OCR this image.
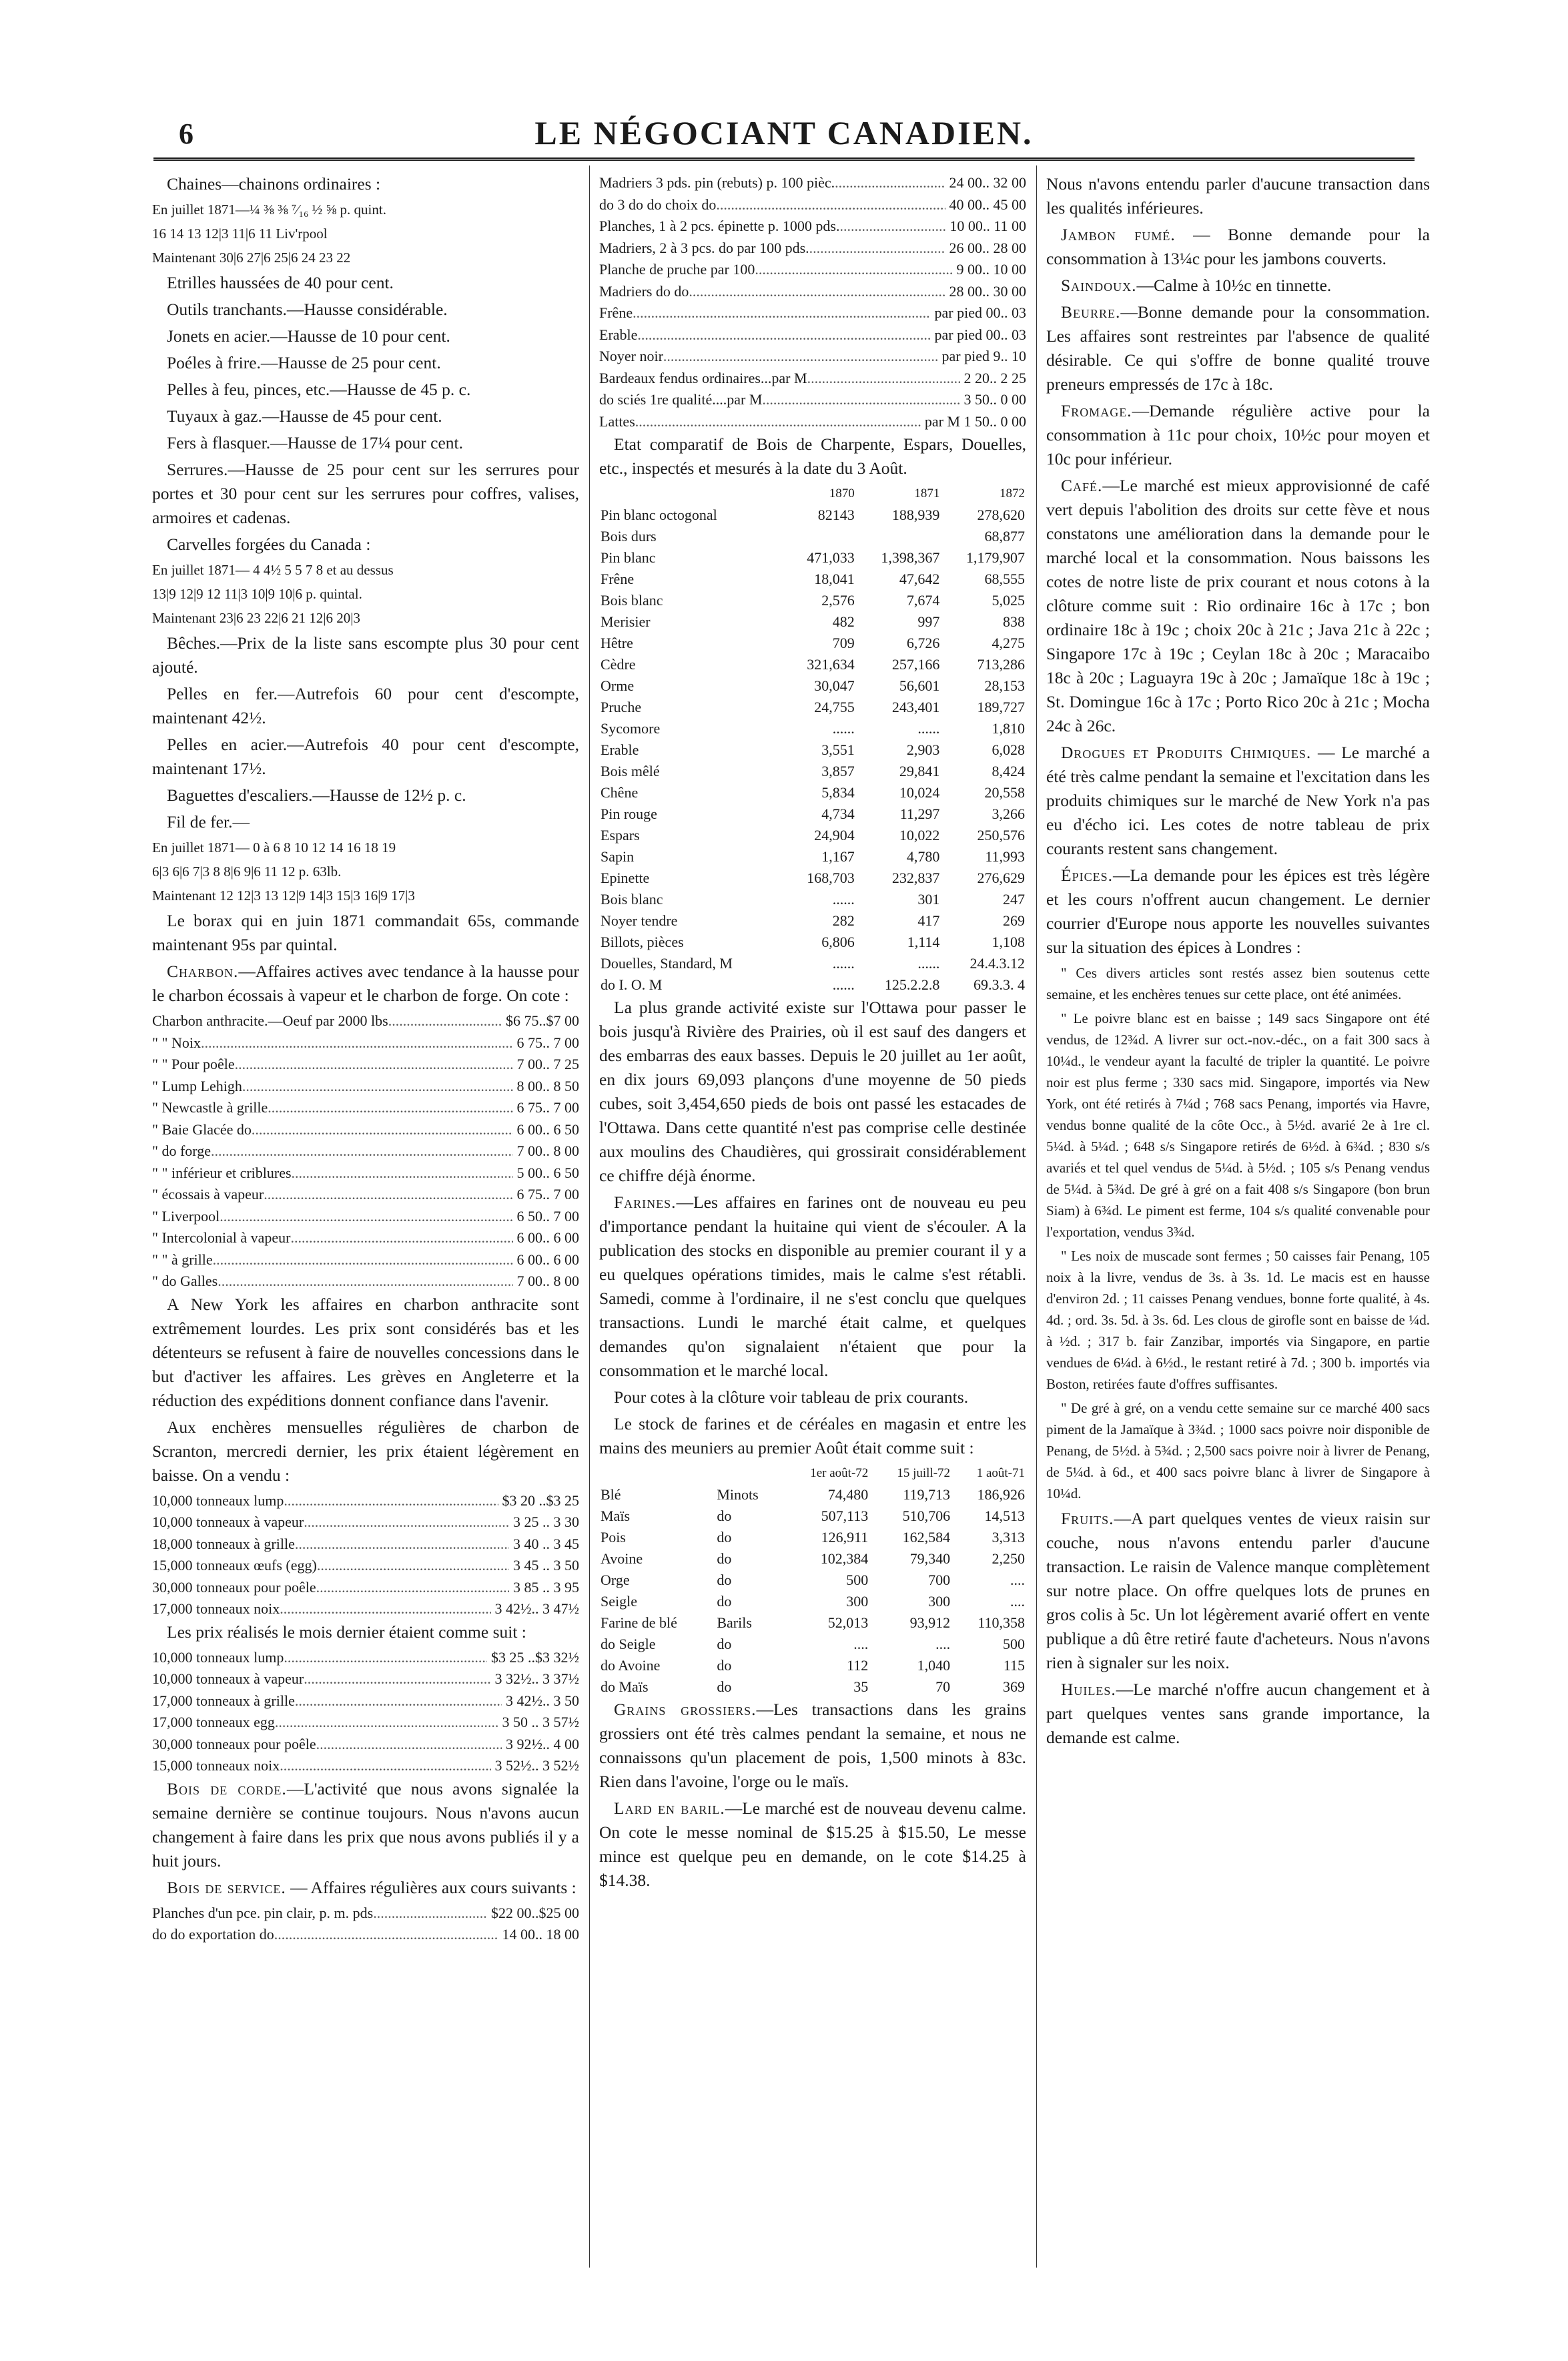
6	LE NÉGOCIANT CANADIEN.

Chaines—chainons ordinaires :

En juillet 1871—¼ ⅜ ⅜ ⁷⁄₁₆ ½ ⅝ p. quint.

16 14 13 12|3 11|6 11 Liv'rpool

Maintenant 30|6 27|6 25|6 24 23 22

Etrilles haussées de 40 pour cent.

Outils tranchants.—Hausse considérable.

Jonets en acier.—Hausse de 10 pour cent.

Poéles à frire.—Hausse de 25 pour cent.

Pelles à feu, pinces, etc.—Hausse de 45 p. c.

Tuyaux à gaz.—Hausse de 45 pour cent.

Fers à flasquer.—Hausse de 17¼ pour cent.

Serrures.—Hausse de 25 pour cent sur les serrures pour portes et 30 pour cent sur les serrures pour coffres, valises, armoires et cadenas.

Carvelles forgées du Canada :

En juillet 1871— 4 4½ 5 5 7 8 et au dessus

13|9 12|9 12 11|3 10|9 10|6 p. quintal.

Maintenant 23|6 23 22|6 21 12|6 20|3

Bêches.—Prix de la liste sans escompte plus 30 pour cent ajouté.

Pelles en fer.—Autrefois 60 pour cent d'escompte, maintenant 42½.

Pelles en acier.—Autrefois 40 pour cent d'escompte, maintenant 17½.

Baguettes d'escaliers.—Hausse de 12½ p. c.

Fil de fer.—

En juillet 1871— 0 à 6 8 10 12 14 16 18 19

6|3 6|6 7|3 8 8|6 9|6 11 12 p. 63lb.

Maintenant 12 12|3 13 12|9 14|3 15|3 16|9 17|3

Le borax qui en juin 1871 commandait 65s, commande maintenant 95s par quintal.

Charbon.—Affaires actives avec tendance à la hausse pour le charbon écossais à vapeur et le charbon de forge. On cote :

Charbon anthracite.—Oeuf par 2000 lbs .....	$6 75..$7 00
" " Noix .....	6 75.. 7 00
" " Pour poêle .....	7 00.. 7 25
" Lump Lehigh .....	8 00.. 8 50
" Newcastle à grille .....	6 75.. 7 00
" Baie Glacée do .....	6 00.. 6 50
" do forge .....	7 00.. 8 00
" " inférieur et criblures .....	5 00.. 6 50
" écossais à vapeur .....	6 75.. 7 00
" Liverpool .....	6 50.. 7 00
" Intercolonial à vapeur .....	6 00.. 6 00
" " à grille .....	6 00.. 6 00
" do Galles .....	7 00.. 8 00

A New York les affaires en charbon anthracite sont extrêmement lourdes. Les prix sont considérés bas et les détenteurs se refusent à faire de nouvelles concessions dans le but d'activer les affaires. Les grèves en Angleterre et la réduction des expéditions donnent confiance dans l'avenir.

Aux enchères mensuelles régulières de charbon de Scranton, mercredi dernier, les prix étaient légèrement en baisse. On a vendu :

10,000 tonneaux lump .....	$3 20 ..$3 25
10,000 tonneaux à vapeur .....	3 25 .. 3 30
18,000 tonneaux à grille .....	3 40 .. 3 45
15,000 tonneaux œufs (egg) .....	3 45 .. 3 50
30,000 tonneaux pour poêle .....	3 85 .. 3 95
17,000 tonneaux noix .....	3 42½.. 3 47½

Les prix réalisés le mois dernier étaient comme suit :

10,000 tonneaux lump .....	$3 25 ..$3 32½
10,000 tonneaux à vapeur .....	3 32½.. 3 37½
17,000 tonneaux à grille .....	3 42½.. 3 50
17,000 tonneaux egg .....	3 50 .. 3 57½
30,000 tonneaux pour poêle .....	3 92½.. 4 00
15,000 tonneaux noix .....	3 52½.. 3 52½

Bois de corde.—L'activité que nous avons signalée la semaine dernière se continue toujours. Nous n'avons aucun changement à faire dans les prix que nous avons publiés il y a huit jours.

Bois de service. — Affaires régulières aux cours suivants :

Planches d'un pce. pin clair, p. m. pds .....	$22 00..$25 00
do do exportation do .....	14 00.. 18 00
Madriers 3 pds. pin (rebuts) p. 100 pièc. .....	24 00.. 32 00
do 3 do do choix do .....	40 00.. 45 00
Planches, 1 à 2 pcs. épinette p. 1000 pds. .....	10 00.. 11 00
Madriers, 2 à 3 pcs. do par 100 pds. .....	26 00.. 28 00
Planche de pruche par 100 .....	9 00.. 10 00
Madriers do do .....	28 00.. 30 00
Frêne .....	par pied 00.. 03
Erable .....	par pied 00.. 03
Noyer noir .....	par pied 9.. 10
Bardeaux fendus ordinaires...par M .....	2 20.. 2 25
do sciés 1re qualité....par M .....	3 50.. 0 00
Lattes .....	par M 1 50.. 0 00

Etat comparatif de Bois de Charpente, Espars, Douelles, etc., inspectés et mesurés à la date du 3 Août.

	1870	1871	1872
Pin blanc octogonal	82143	188,939	278,620
Bois durs			68,877
Pin blanc	471,033	1,398,367	1,179,907
Frêne	18,041	47,642	68,555
Bois blanc	2,576	7,674	5,025
Merisier	482	997	838
Hêtre	709	6,726	4,275
Cèdre	321,634	257,166	713,286
Orme	30,047	56,601	28,153
Pruche	24,755	243,401	189,727
Sycomore	......	......	1,810
Erable	3,551	2,903	6,028
Bois mêlé	3,857	29,841	8,424
Chêne	5,834	10,024	20,558
Pin rouge	4,734	11,297	3,266
Espars	24,904	10,022	250,576
Sapin	1,167	4,780	11,993
Epinette	168,703	232,837	276,629
Bois blanc	......	301	247
Noyer tendre	282	417	269
Billots, pièces	6,806	1,114	1,108
Douelles, Standard, M	......	......	24.4.3.12
do I. O. M	......	125.2.2.8	69.3.3. 4

La plus grande activité existe sur l'Ottawa pour passer le bois jusqu'à Rivière des Prairies, où il est sauf des dangers et des embarras des eaux basses. Depuis le 20 juillet au 1er août, en dix jours 69,093 plançons d'une moyenne de 50 pieds cubes, soit 3,454,650 pieds de bois ont passé les estacades de l'Ottawa. Dans cette quantité n'est pas comprise celle destinée aux moulins des Chaudières, qui grossirait considérablement ce chiffre déjà énorme.

Farines.—Les affaires en farines ont de nouveau eu peu d'importance pendant la huitaine qui vient de s'écouler. A la publication des stocks en disponible au premier courant il y a eu quelques opérations timides, mais le calme s'est rétabli. Samedi, comme à l'ordinaire, il ne s'est conclu que quelques transactions. Lundi le marché était calme, et quelques demandes qu'on signalaient n'étaient que pour la consommation et le marché local.

Pour cotes à la clôture voir tableau de prix courants.

Le stock de farines et de céréales en magasin et entre les mains des meuniers au premier Août était comme suit :

		1er août-72	15 juill-72	1 août-71
Blé	Minots	74,480	119,713	186,926
Maïs	do	507,113	510,706	14,513
Pois	do	126,911	162,584	3,313
Avoine	do	102,384	79,340	2,250
Orge	do	500	700	....
Seigle	do	300	300	....
Farine de blé	Barils	52,013	93,912	110,358
do Seigle	do	....	....	500
do Avoine	do	112	1,040	115
do Maïs	do	35	70	369

Grains grossiers.—Les transactions dans les grains grossiers ont été très calmes pendant la semaine, et nous ne connaissons qu'un placement de pois, 1,500 minots à 83c. Rien dans l'avoine, l'orge ou le maïs.

Lard en baril.—Le marché est de nouveau devenu calme. On cote le messe nominal de $15.25 à $15.50, Le messe mince est quelque peu en demande, on le cote $14.25 à $14.38.

Nous n'avons entendu parler d'aucune transaction dans les qualités inférieures.

Jambon fumé. — Bonne demande pour la consommation à 13¼c pour les jambons couverts.

Saindoux.—Calme à 10½c en tinnette.

Beurre.—Bonne demande pour la consommation. Les affaires sont restreintes par l'absence de qualité désirable. Ce qui s'offre de bonne qualité trouve preneurs empressés de 17c à 18c.

Fromage.—Demande régulière active pour la consommation à 11c pour choix, 10½c pour moyen et 10c pour inférieur.

Café.—Le marché est mieux approvisionné de café vert depuis l'abolition des droits sur cette fève et nous constatons une amélioration dans la demande pour le marché local et la consommation. Nous baissons les cotes de notre liste de prix courant et nous cotons à la clôture comme suit : Rio ordinaire 16c à 17c ; bon ordinaire 18c à 19c ; choix 20c à 21c ; Java 21c à 22c ; Singapore 17c à 19c ; Ceylan 18c à 20c ; Maracaibo 18c à 20c ; Laguayra 19c à 20c ; Jamaïque 18c à 19c ; St. Domingue 16c à 17c ; Porto Rico 20c à 21c ; Mocha 24c à 26c.

Drogues et Produits Chimiques. — Le marché a été très calme pendant la semaine et l'excitation dans les produits chimiques sur le marché de New York n'a pas eu d'écho ici. Les cotes de notre tableau de prix courants restent sans changement.

Épices.—La demande pour les épices est très légère et les cours n'offrent aucun changement. Le dernier courrier d'Europe nous apporte les nouvelles suivantes sur la situation des épices à Londres :

" Ces divers articles sont restés assez bien soutenus cette semaine, et les enchères tenues sur cette place, ont été animées.

" Le poivre blanc est en baisse ; 149 sacs Singapore ont été vendus, de 12¾d. A livrer sur oct.-nov.-déc., on a fait 300 sacs à 10¼d., le vendeur ayant la faculté de tripler la quantité. Le poivre noir est plus ferme ; 330 sacs mid. Singapore, importés via New York, ont été retirés à 7¼d ; 768 sacs Penang, importés via Havre, vendus bonne qualité de la côte Occ., à 5½d. avarié 2e à 1re cl. 5¼d. à 5¼d. ; 648 s/s Singapore retirés de 6½d. à 6¾d. ; 830 s/s avariés et tel quel vendus de 5¼d. à 5½d. ; 105 s/s Penang vendus de 5¼d. à 5¾d. De gré à gré on a fait 408 s/s Singapore (bon brun Siam) à 6¾d. Le piment est ferme, 104 s/s qualité convenable pour l'exportation, vendus 3¾d.

" Les noix de muscade sont fermes ; 50 caisses fair Penang, 105 noix à la livre, vendus de 3s. à 3s. 1d. Le macis est en hausse d'environ 2d. ; 11 caisses Penang vendues, bonne forte qualité, à 4s. 4d. ; ord. 3s. 5d. à 3s. 6d. Les clous de girofle sont en baisse de ¼d. à ½d. ; 317 b. fair Zanzibar, importés via Singapore, en partie vendues de 6¼d. à 6½d., le restant retiré à 7d. ; 300 b. importés via Boston, retirées faute d'offres suffisantes.

" De gré à gré, on a vendu cette semaine sur ce marché 400 sacs piment de la Jamaïque à 3¾d. ; 1000 sacs poivre noir disponible de Penang, de 5½d. à 5¾d. ; 2,500 sacs poivre noir à livrer de Penang, de 5¼d. à 6d., et 400 sacs poivre blanc à livrer de Singapore à 10¼d.

Fruits.—A part quelques ventes de vieux raisin sur couche, nous n'avons entendu parler d'aucune transaction. Le raisin de Valence manque complètement sur notre place. On offre quelques lots de prunes en gros colis à 5c. Un lot légèrement avarié offert en vente publique a dû être retiré faute d'acheteurs. Nous n'avons rien à signaler sur les noix.

Huiles.—Le marché n'offre aucun changement et à part quelques ventes sans grande importance, la demande est calme.
